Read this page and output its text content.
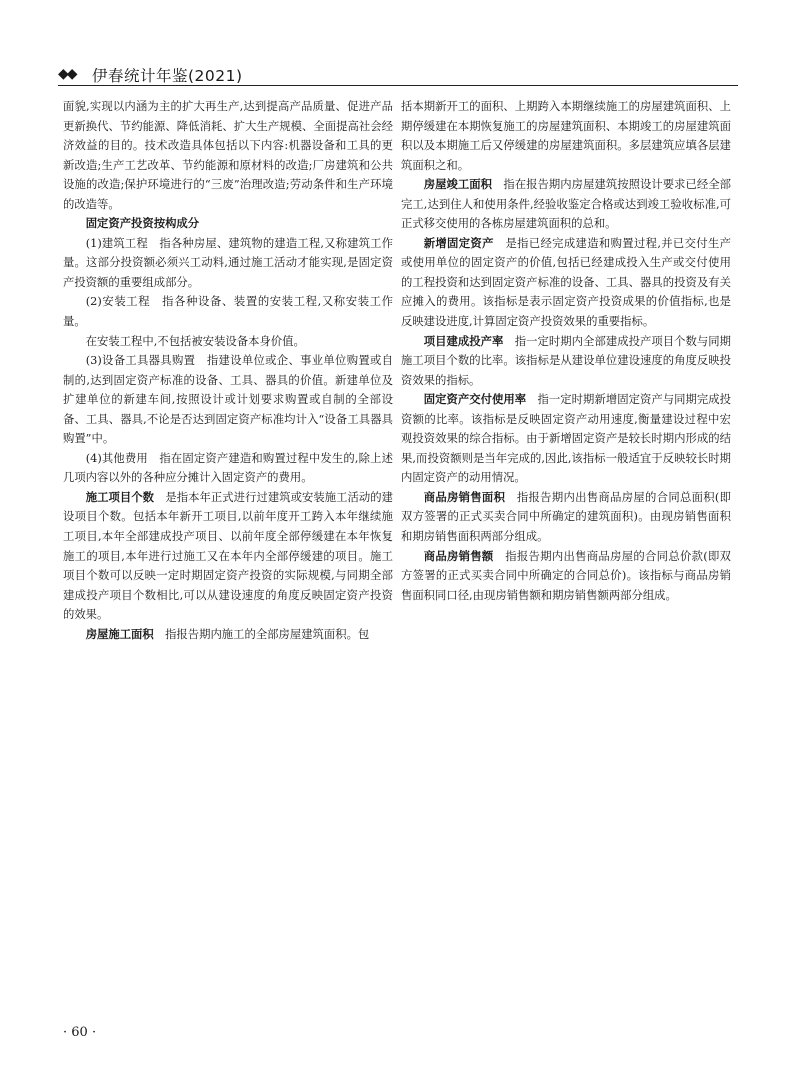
◆◆ 伊春统计年鉴(2021)

面貌,实现以内涵为主的扩大再生产,达到提高产品质量、促进产品更新换代、节约能源、降低消耗、扩大生产规模、全面提高社会经济效益的目的。技术改造具体包括以下内容:机器设备和工具的更新改造;生产工艺改革、节约能源和原材料的改造;厂房建筑和公共设施的改造;保护环境进行的“三废”治理改造;劳动条件和生产环境的改造等。

固定资产投资按构成分

(1)建筑工程　指各种房屋、建筑物的建造工程,又称建筑工作量。这部分投资额必须兴工动料,通过施工活动才能实现,是固定资产投资额的重要组成部分。

(2)安装工程　指各种设备、装置的安装工程,又称安装工作量。

在安装工程中,不包括被安装设备本身价值。

(3)设备工具器具购置　指建设单位或企、事业单位购置或自制的,达到固定资产标准的设备、工具、器具的价值。新建单位及扩建单位的新建车间,按照设计或计划要求购置或自制的全部设备、工具、器具,不论是否达到固定资产标准均计入“设备工具器具购置”中。

(4)其他费用　指在固定资产建造和购置过程中发生的,除上述几项内容以外的各种应分摊计入固定资产的费用。

施工项目个数　是指本年正式进行过建筑或安装施工活动的建设项目个数。包括本年新开工项目,以前年度开工跨入本年继续施工项目,本年全部建成投产项目、以前年度全部停缓建在本年恢复施工的项目,本年进行过施工又在本年内全部停缓建的项目。施工项目个数可以反映一定时期固定资产投资的实际规模,与同期全部建成投产项目个数相比,可以从建设速度的角度反映固定资产投资的效果。

房屋施工面积　指报告期内施工的全部房屋建筑面积。包

括本期新开工的面积、上期跨入本期继续施工的房屋建筑面积、上期停缓建在本期恢复施工的房屋建筑面积、本期竣工的房屋建筑面积以及本期施工后又停缓建的房屋建筑面积。多层建筑应填各层建筑面积之和。

房屋竣工面积　指在报告期内房屋建筑按照设计要求已经全部完工,达到住人和使用条件,经验收鉴定合格或达到竣工验收标准,可正式移交使用的各栋房屋建筑面积的总和。

新增固定资产　是指已经完成建造和购置过程,并已交付生产或使用单位的固定资产的价值,包括已经建成投入生产或交付使用的工程投资和达到固定资产标准的设备、工具、器具的投资及有关应摊入的费用。该指标是表示固定资产投资成果的价值指标,也是反映建设进度,计算固定资产投资效果的重要指标。

项目建成投产率　指一定时期内全部建成投产项目个数与同期施工项目个数的比率。该指标是从建设单位建设速度的角度反映投资效果的指标。

固定资产交付使用率　指一定时期新增固定资产与同期完成投资额的比率。该指标是反映固定资产动用速度,衡量建设过程中宏观投资效果的综合指标。由于新增固定资产是较长时期内形成的结果,而投资额则是当年完成的,因此,该指标一般适宜于反映较长时期内固定资产的动用情况。

商品房销售面积　指报告期内出售商品房屋的合同总面积(即双方签署的正式买卖合同中所确定的建筑面积)。由现房销售面积和期房销售面积两部分组成。

商品房销售额　指报告期内出售商品房屋的合同总价款(即双方签署的正式买卖合同中所确定的合同总价)。该指标与商品房销售面积同口径,由现房销售额和期房销售额两部分组成。

· 60 ·
